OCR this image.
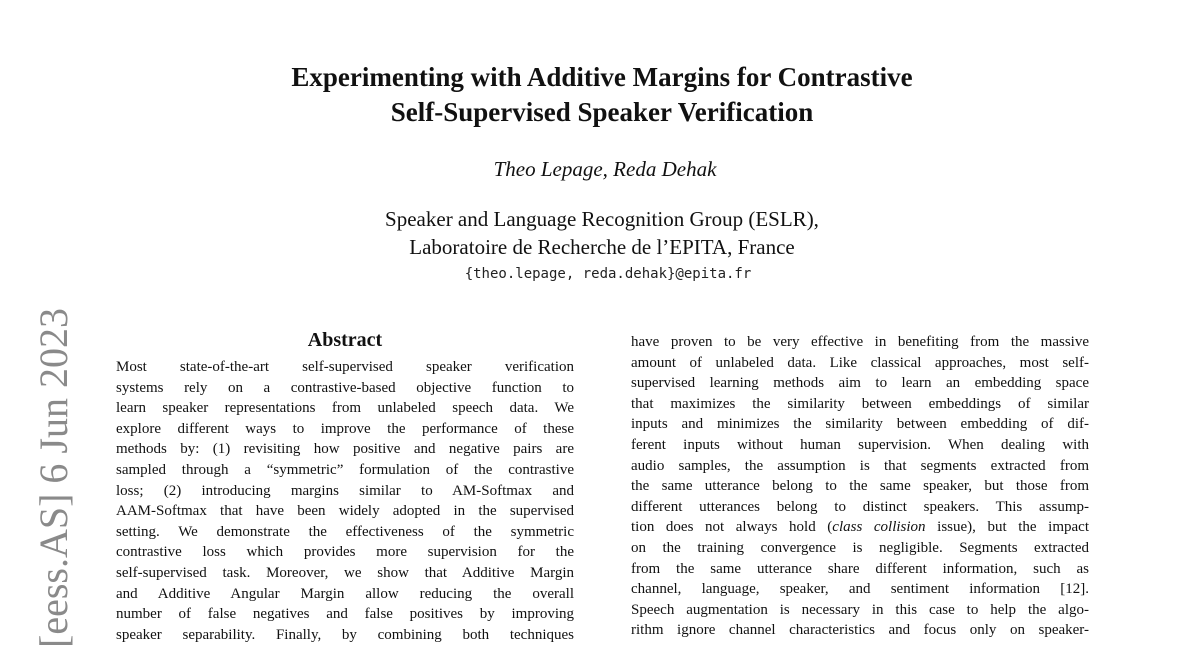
[eess.AS] 6 Jun 2023
Experimenting with Additive Margins for Contrastive
Self-Supervised Speaker Verification
Theo Lepage, Reda Dehak
Speaker and Language Recognition Group (ESLR),
Laboratoire de Recherche de l’EPITA, France
{theo.lepage, reda.dehak}@epita.fr
Abstract
Most state-of-the-art self-supervised speaker verification
systems rely on a contrastive-based objective function to
learn speaker representations from unlabeled speech data. We
explore different ways to improve the performance of these
methods by: (1) revisiting how positive and negative pairs are
sampled through a “symmetric” formulation of the contrastive
loss; (2) introducing margins similar to AM-Softmax and
AAM-Softmax that have been widely adopted in the supervised
setting. We demonstrate the effectiveness of the symmetric
contrastive loss which provides more supervision for the
self-supervised task. Moreover, we show that Additive Margin
and Additive Angular Margin allow reducing the overall
number of false negatives and false positives by improving
speaker separability. Finally, by combining both techniques
have proven to be very effective in benefiting from the massive
amount of unlabeled data. Like classical approaches, most self-
supervised learning methods aim to learn an embedding space
that maximizes the similarity between embeddings of similar
inputs and minimizes the similarity between embedding of dif-
ferent inputs without human supervision. When dealing with
audio samples, the assumption is that segments extracted from
the same utterance belong to the same speaker, but those from
different utterances belong to distinct speakers. This assump-
tion does not always hold (class collision issue), but the impact
on the training convergence is negligible. Segments extracted
from the same utterance share different information, such as
channel, language, speaker, and sentiment information [12].
Speech augmentation is necessary in this case to help the algo-
rithm ignore channel characteristics and focus only on speaker-
